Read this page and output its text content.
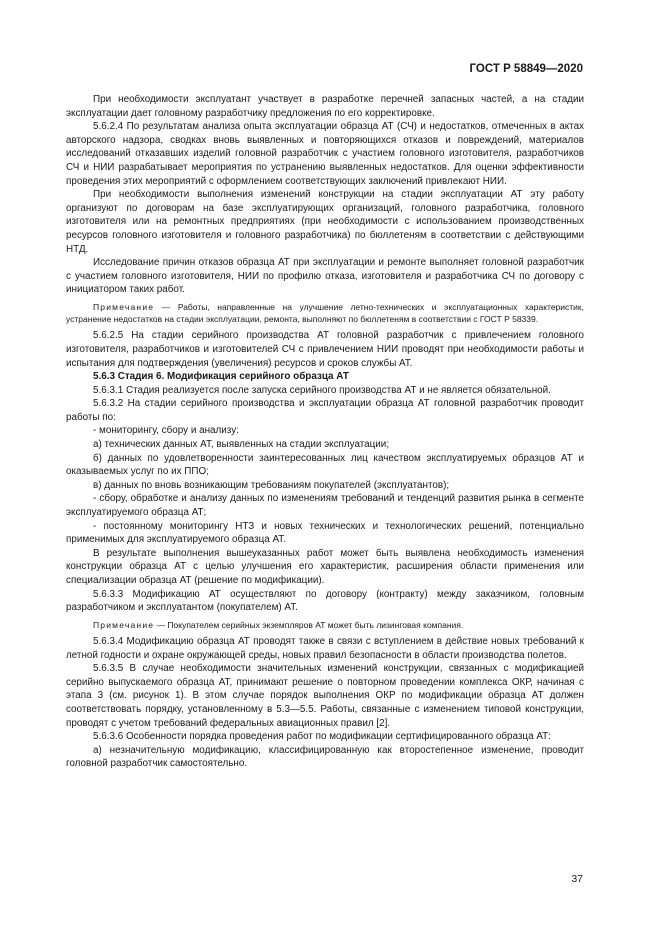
ГОСТ Р 58849—2020

При необходимости эксплуатант участвует в разработке перечней запасных частей, а на стадии эксплуатации дает головному разработчику предложения по его корректировке.

5.6.2.4 По результатам анализа опыта эксплуатации образца АТ (СЧ) и недостатков, отмеченных в актах авторского надзора, сводках вновь выявленных и повторяющихся отказов и повреждений, материалов исследований отказавших изделий головной разработчик с участием головного изготовителя, разработчиков СЧ и НИИ разрабатывает мероприятия по устранению выявленных недостатков. Для оценки эффективности проведения этих мероприятий с оформлением соответствующих заключений привлекают НИИ.

При необходимости выполнения изменений конструкции на стадии эксплуатации АТ эту работу организуют по договорам на базе эксплуатирующих организаций, головного разработчика, головного изготовителя или на ремонтных предприятиях (при необходимости с использованием производственных ресурсов головного изготовителя и головного разработчика) по бюллетеням в соответствии с действующими НТД.

Исследование причин отказов образца АТ при эксплуатации и ремонте выполняет головной разработчик с участием головного изготовителя, НИИ по профилю отказа, изготовителя и разработчика СЧ по договору с инициатором таких работ.

Примечание — Работы, направленные на улучшение летно-технических и эксплуатационных характеристик, устранение недостатков на стадии эксплуатации, ремонта, выполняют по бюллетеням в соответствии с ГОСТ Р 58339.

5.6.2.5 На стадии серийного производства АТ головной разработчик с привлечением головного изготовителя, разработчиков и изготовителей СЧ с привлечением НИИ проводят при необходимости работы и испытания для подтверждения (увеличения) ресурсов и сроков службы АТ.

5.6.3 Стадия 6. Модификация серийного образца АТ

5.6.3.1 Стадия реализуется после запуска серийного производства АТ и не является обязательной.

5.6.3.2 На стадии серийного производства и эксплуатации образца АТ головной разработчик проводит работы по:

- мониторингу, сбору и анализу:

а) технических данных АТ, выявленных на стадии эксплуатации;

б) данных по удовлетворенности заинтересованных лиц качеством эксплуатируемых образцов АТ и оказываемых услуг по их ППО;

в) данных по вновь возникающим требованиям покупателей (эксплуатантов);

- сбору, обработке и анализу данных по изменениям требований и тенденций развития рынка в сегменте эксплуатируемого образца АТ;

- постоянному мониторингу НТЗ и новых технических и технологических решений, потенциально применимых для эксплуатируемого образца АТ.

В результате выполнения вышеуказанных работ может быть выявлена необходимость изменения конструкции образца АТ с целью улучшения его характеристик, расширения области применения или специализации образца АТ (решение по модификации).

5.6.3.3 Модификацию АТ осуществляют по договору (контракту) между заказчиком, головным разработчиком и эксплуатантом (покупателем) АТ.

Примечание — Покупателем серийных экземпляров АТ может быть лизинговая компания.

5.6.3.4 Модификацию образца АТ проводят также в связи с вступлением в действие новых требований к летной годности и охране окружающей среды, новых правил безопасности в области производства полетов.

5.6.3.5 В случае необходимости значительных изменений конструкции, связанных с модификацией серийно выпускаемого образца АТ, принимают решение о повторном проведении комплекса ОКР, начиная с этапа 3 (см. рисунок 1). В этом случае порядок выполнения ОКР по модификации образца АТ должен соответствовать порядку, установленному в 5.3—5.5. Работы, связанные с изменением типовой конструкции, проводят с учетом требований федеральных авиационных правил [2].

5.6.3.6 Особенности порядка проведения работ по модификации сертифицированного образца АТ:

а) незначительную модификацию, классифицированную как второстепенное изменение, проводит головной разработчик самостоятельно.

37
